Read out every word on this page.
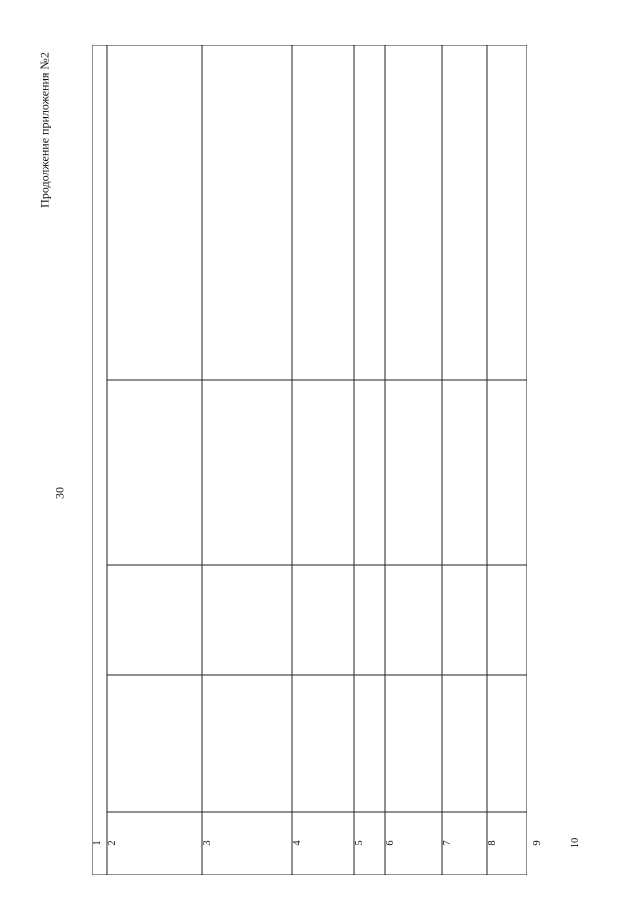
30
Продолжение приложения №2
1 2	3	4	5	6	7	8	9	10
